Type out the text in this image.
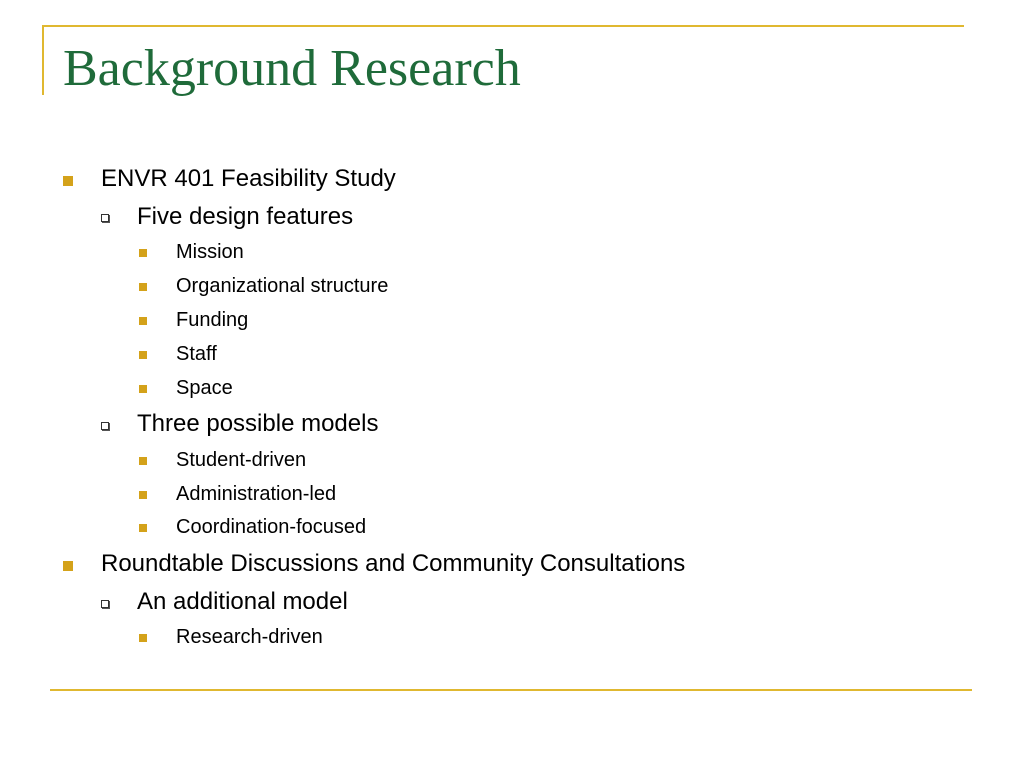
Background Research
ENVR 401 Feasibility Study
Five design features
Mission
Organizational structure
Funding
Staff
Space
Three possible models
Student-driven
Administration-led
Coordination-focused
Roundtable Discussions and Community Consultations
An additional model
Research-driven
